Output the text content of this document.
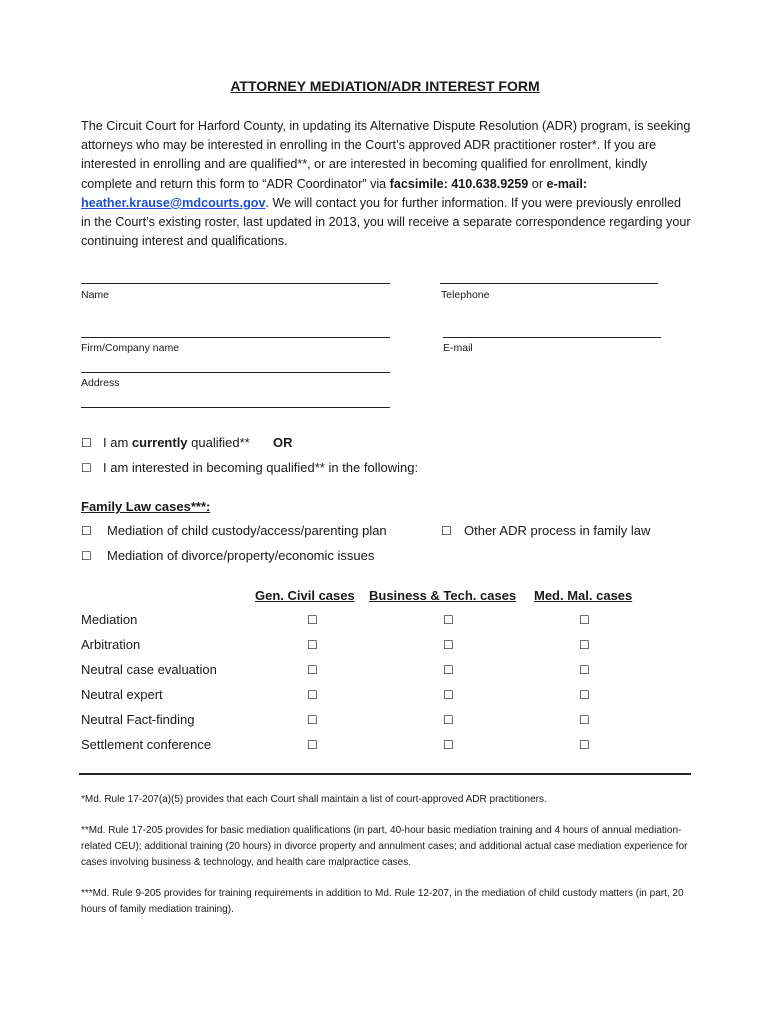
ATTORNEY MEDIATION/ADR INTEREST FORM
The Circuit Court for Harford County, in updating its Alternative Dispute Resolution (ADR) program, is seeking attorneys who may be interested in enrolling in the Court’s approved ADR practitioner roster*. If you are interested in enrolling and are qualified**, or are interested in becoming qualified for enrollment, kindly complete and return this form to “ADR Coordinator” via facsimile: 410.638.9259 or e-mail: heather.krause@mdcourts.gov. We will contact you for further information. If you were previously enrolled in the Court’s existing roster, last updated in 2013, you will receive a separate correspondence regarding your continuing interest and qualifications.
Name	Telephone
Firm/Company name	E-mail
Address
☐ I am currently qualified** OR
☐ I am interested in becoming qualified** in the following:
Family Law cases***:
☐ Mediation of child custody/access/parenting plan	☐ Other ADR process in family law
☐ Mediation of divorce/property/economic issues
Gen. Civil cases Business & Tech. cases Med. Mal. cases
Mediation	☐	☐	☐
Arbitration	☐	☐	☐
Neutral case evaluation	☐	☐	☐
Neutral expert	☐	☐	☐
Neutral Fact-finding	☐	☐	☐
Settlement conference	☐	☐	☐
*Md. Rule 17-207(a)(5) provides that each Court shall maintain a list of court-approved ADR practitioners.
**Md. Rule 17-205 provides for basic mediation qualifications (in part, 40-hour basic mediation training and 4 hours of annual mediation-related CEU); additional training (20 hours) in divorce property and annulment cases; and additional actual case mediation experience for cases involving business & technology, and health care malpractice cases.
***Md. Rule 9-205 provides for training requirements in addition to Md. Rule 12-207, in the mediation of child custody matters (in part, 20 hours of family mediation training).
